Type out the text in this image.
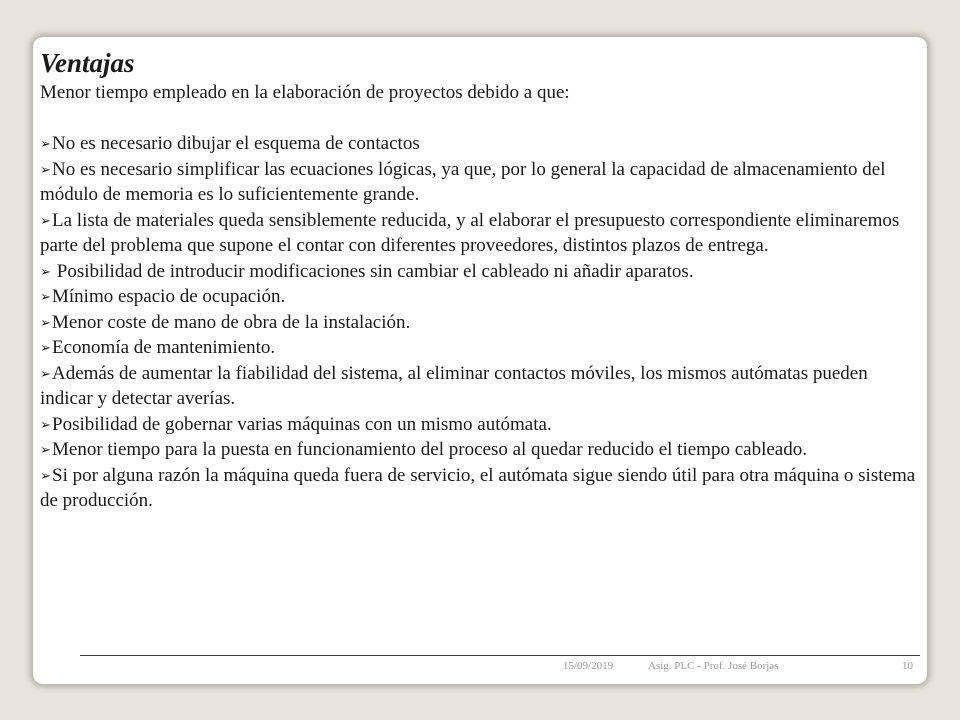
Ventajas

Menor tiempo empleado en la elaboración de proyectos debido a que:

➢No es necesario dibujar el esquema de contactos
➢No es necesario simplificar las ecuaciones lógicas, ya que, por lo general la capacidad de almacenamiento del módulo de memoria es lo suficientemente grande.
➢La lista de materiales queda sensiblemente reducida, y al elaborar el presupuesto correspondiente eliminaremos parte del problema que supone el contar con diferentes proveedores, distintos plazos de entrega.
➢ Posibilidad de introducir modificaciones sin cambiar el cableado ni añadir aparatos.
➢Mínimo espacio de ocupación.
➢Menor coste de mano de obra de la instalación.
➢Economía de mantenimiento.
➢Además de aumentar la fiabilidad del sistema, al eliminar contactos móviles, los mismos autómatas pueden indicar y detectar averías.
➢Posibilidad de gobernar varias máquinas con un mismo autómata.
➢Menor tiempo para la puesta en funcionamiento del proceso al quedar reducido el tiempo cableado.
➢Si por alguna razón la máquina queda fuera de servicio, el autómata sigue siendo útil para otra máquina o sistema de producción.
15/09/2019	Asig. PLC - Prof. José Borjas	10
